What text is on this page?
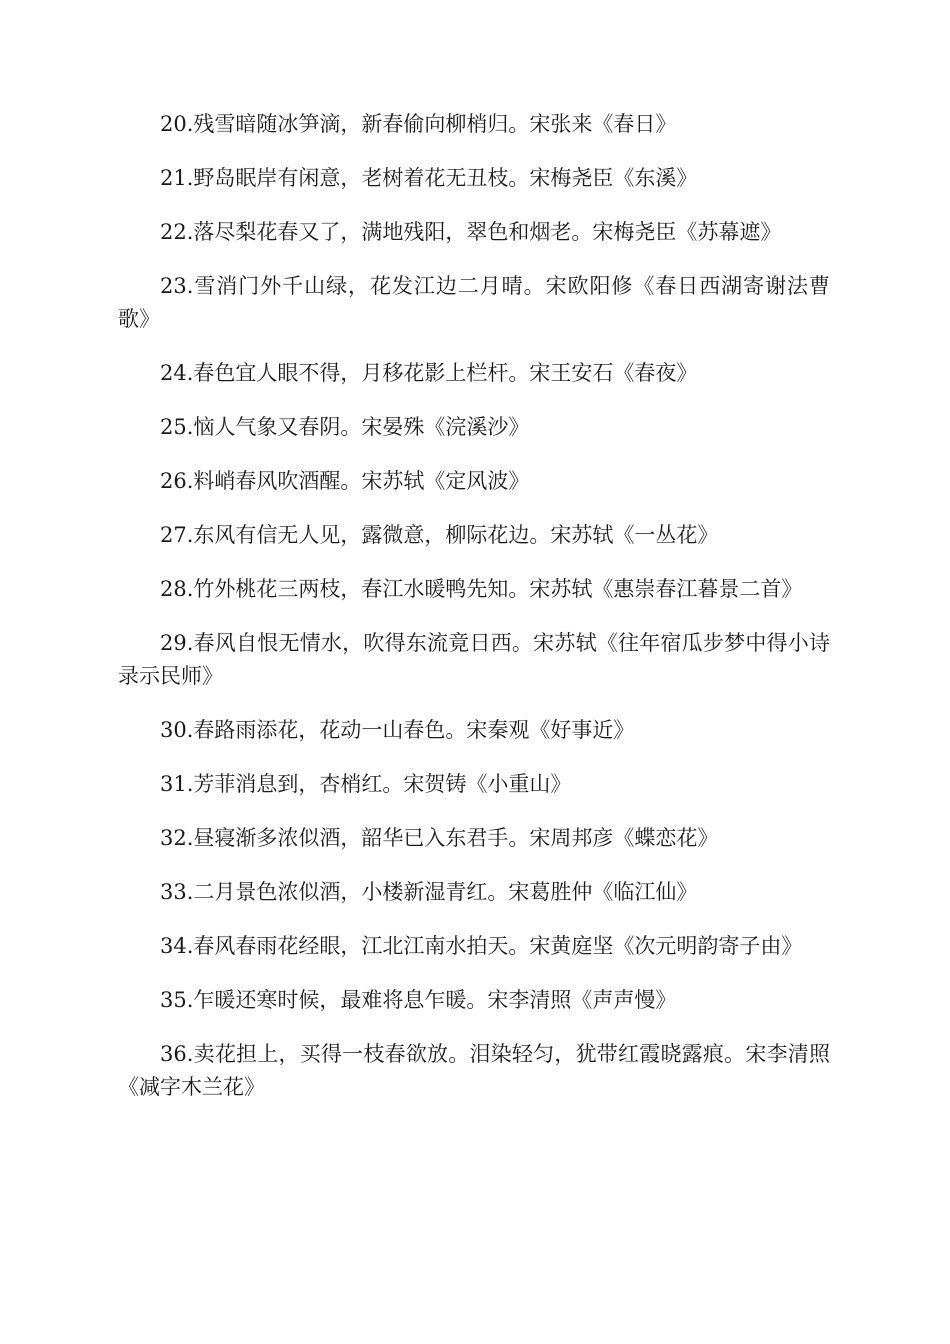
20.残雪暗随冰笋滴，新春偷向柳梢归。宋张来《春日》

21.野岛眠岸有闲意，老树着花无丑枝。宋梅尧臣《东溪》

22.落尽梨花春又了，满地残阳，翠色和烟老。宋梅尧臣《苏幕遮》

23.雪消门外千山绿，花发江边二月晴。宋欧阳修《春日西湖寄谢法曹歌》

24.春色宜人眼不得，月移花影上栏杆。宋王安石《春夜》

25.恼人气象又春阴。宋晏殊《浣溪沙》

26.料峭春风吹酒醒。宋苏轼《定风波》

27.东风有信无人见，露微意，柳际花边。宋苏轼《一丛花》

28.竹外桃花三两枝，春江水暖鸭先知。宋苏轼《惠崇春江暮景二首》

29.春风自恨无情水，吹得东流竟日西。宋苏轼《往年宿瓜步梦中得小诗录示民师》

30.春路雨添花，花动一山春色。宋秦观《好事近》

31.芳菲消息到，杏梢红。宋贺铸《小重山》

32.昼寝渐多浓似酒，韶华已入东君手。宋周邦彦《蝶恋花》

33.二月景色浓似酒，小楼新湿青红。宋葛胜仲《临江仙》

34.春风春雨花经眼，江北江南水拍天。宋黄庭坚《次元明韵寄子由》

35.乍暖还寒时候，最难将息乍暖。宋李清照《声声慢》

36.卖花担上，买得一枝春欲放。泪染轻匀，犹带红霞晓露痕。宋李清照《减字木兰花》
